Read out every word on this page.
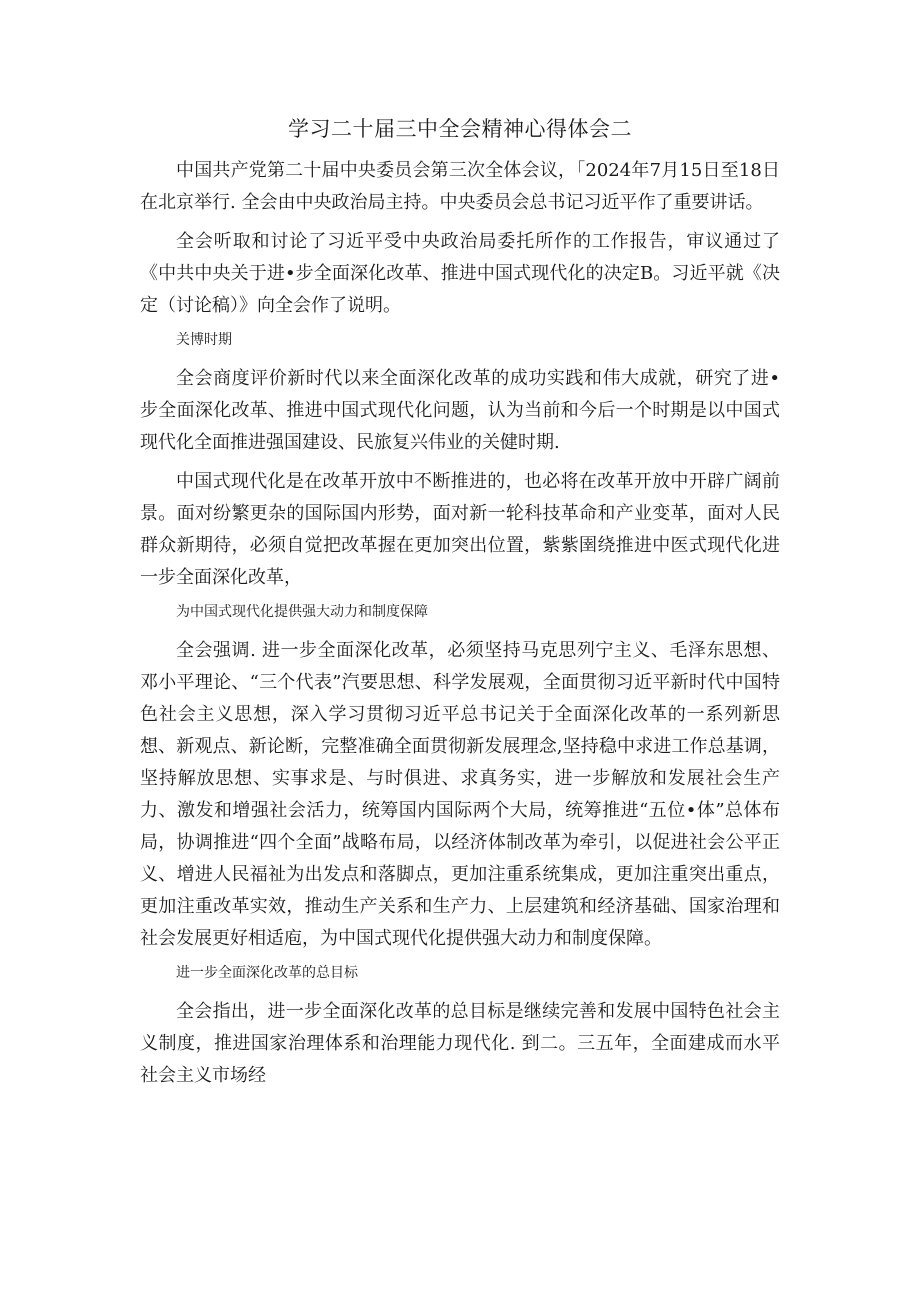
学习二十届三中全会精神心得体会二

中国共产党第二十届中央委员会第三次全体会议，「2024年7月15日至18日在北京举行. 全会由中央政治局主持。中央委员会总书记习近平作了重要讲话。

全会听取和讨论了习近平受中央政治局委托所作的工作报告，审议通过了《中共中央关于进•步全面深化改革、推进中国式现代化的决定B。习近平就《决定（讨论稿）》向全会作了说明。

关博时期

全会商度评价新时代以来全面深化改革的成功实践和伟大成就，研究了进•步全面深化改革、推进中国式现代化问题，认为当前和今后一个时期是以中国式现代化全面推进强国建设、民旅复兴伟业的关健时期.

中国式现代化是在改革开放中不断推进的，也必将在改革开放中开辟广阔前景。面对纷繁更杂的国际国内形势，面对新一轮科技革命和产业变革，面对人民群众新期待，必须自觉把改革握在更加突出位置，紫紫圉绕推进中医式现代化进一步全面深化改革，

为中国式现代化提供强大动力和制度保障

全会强调. 进一步全面深化改革，必须坚持马克思列宁主义、毛泽东思想、邓小平理论、“三个代表”汽要思想、科学发展观，全面贯彻习近平新时代中国特色社会主义思想，深入学习贯彻习近平总书记关于全面深化改革的一系列新思想、新观点、新论断，完整准确全面贯彻新发展理念,坚持稳中求进工作总基调，坚持解放思想、实事求是、与时俱进、求真务实，进一步解放和发展社会生产力、激发和增强社会活力，统筹国内国际两个大局，统筹推进“五位•体”总体布局，协调推进“四个全面”战略布局，以经济体制改革为牵引，以促进社会公平正义、增进人民福祉为出发点和落脚点，更加注重系统集成，更加注重突出重点，更加注重改革实效，推动生产关系和生产力、上层建筑和经济基础、国家治理和社会发展更好相适庖，为中国式现代化提供强大动力和制度保障。

进一步全面深化改革的总目标

全会指出，进一步全面深化改革的总目标是继续完善和发展中国特色社会主义制度，推进国家治理体系和治理能力现代化. 到二。三五年，全面建成而水平社会主义市场经
